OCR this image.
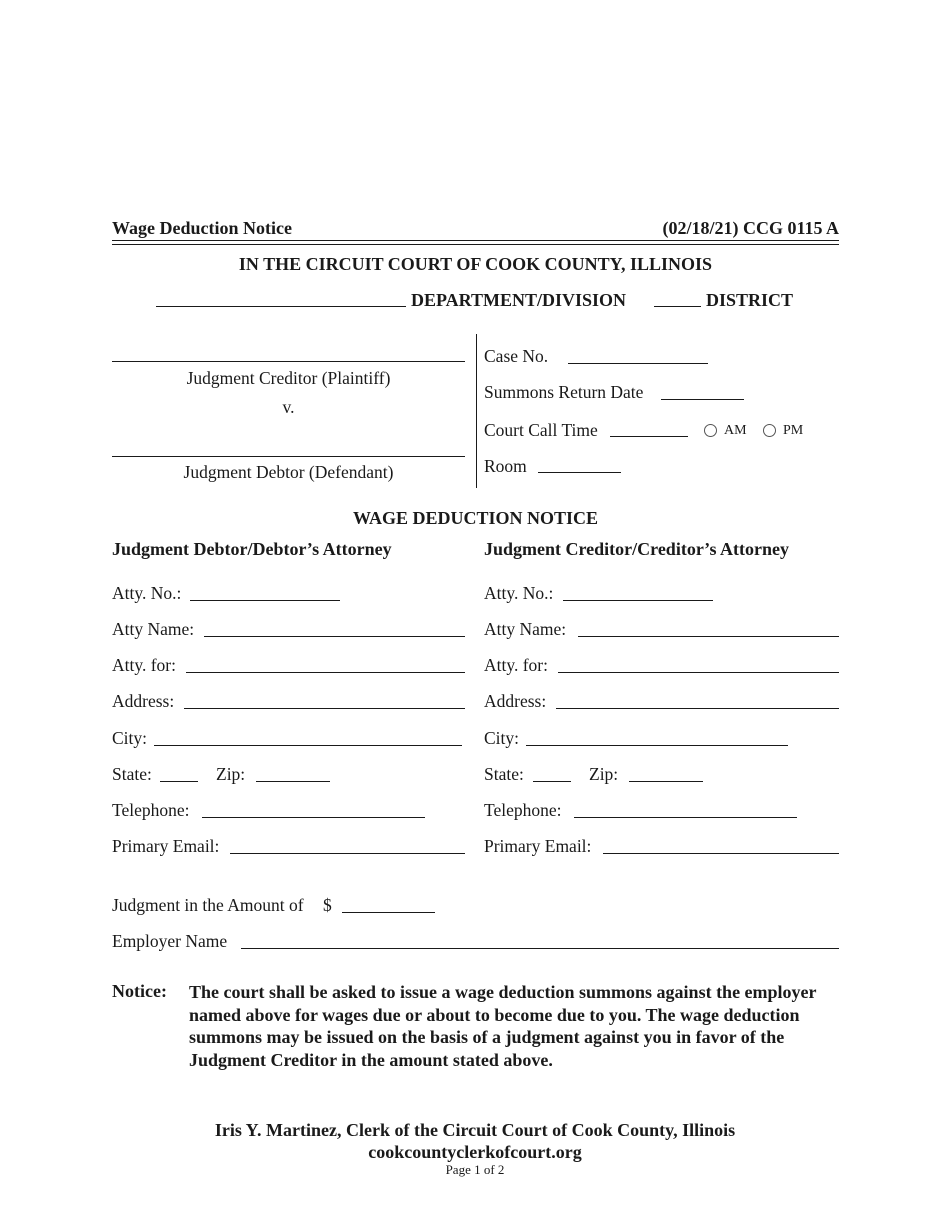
Wage Deduction Notice	(02/18/21) CCG 0115 A
IN THE CIRCUIT COURT OF COOK COUNTY, ILLINOIS
DEPARTMENT/DIVISION	DISTRICT
Judgment Creditor (Plaintiff)
v.
Judgment Debtor (Defendant)
Case No.
Summons Return Date
Court Call Time	AM	PM
Room
WAGE DEDUCTION NOTICE
Judgment Debtor/Debtor’s Attorney	Judgment Creditor/Creditor’s Attorney
Atty. No.:
Atty Name:
Atty. for:
Address:
City:
State:	Zip:
Telephone:
Primary Email:
Atty. No.:
Atty Name:
Atty. for:
Address:
City:
State:	Zip:
Telephone:
Primary Email:
Judgment in the Amount of $
Employer Name
Notice: The court shall be asked to issue a wage deduction summons against the employer named above for wages due or about to become due to you. The wage deduction summons may be issued on the basis of a judgment against you in favor of the Judgment Creditor in the amount stated above.
Iris Y. Martinez, Clerk of the Circuit Court of Cook County, Illinois
cookcountyclerkofcourt.org
Page 1 of 2
